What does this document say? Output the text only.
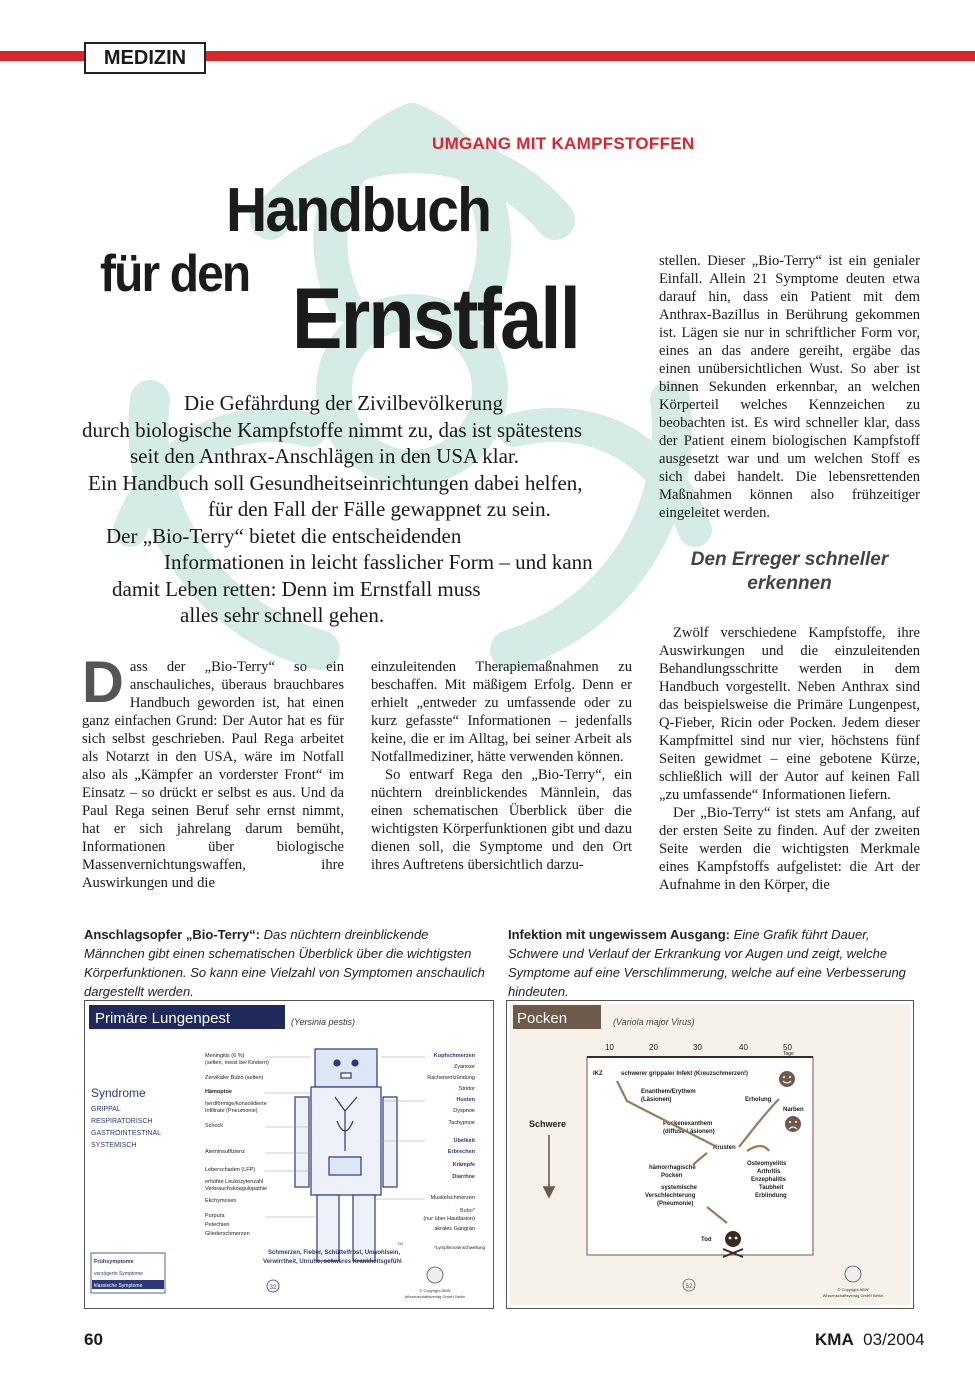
MEDIZIN
UMGANG MIT KAMPFSTOFFEN
Handbuch
für den Ernstfall
Die Gefährdung der Zivilbevölkerung
durch biologische Kampfstoffe nimmt zu, das ist spätestens
seit den Anthrax-Anschlägen in den USA klar.
Ein Handbuch soll Gesundheitseinrichtungen dabei helfen,
für den Fall der Fälle gewappnet zu sein.
Der „Bio-Terry“ bietet die entscheidenden
Informationen in leicht fasslicher Form – und kann
damit Leben retten: Denn im Ernstfall muss
alles sehr schnell gehen.
D ass der „Bio-Terry“ so ein anschauliches, überaus brauchbares Handbuch geworden ist, hat einen ganz einfachen Grund: Der Autor hat es für sich selbst geschrieben. Paul Rega arbeitet als Notarzt in den USA, wäre im Notfall also als „Kämpfer an vorderster Front“ im Einsatz – so drückt er selbst es aus. Und da Paul Rega seinen Beruf sehr ernst nimmt, hat er sich jahrelang darum bemüht, Informationen über biologische Massenvernichtungswaffen, ihre Auswirkungen und die

einzuleitenden Therapiemaßnahmen zu beschaffen. Mit mäßigem Erfolg. Denn er erhielt „entweder zu umfassende oder zu kurz gefasste“ Informationen – jedenfalls keine, die er im Alltag, bei seiner Arbeit als Notfallmediziner, hätte verwenden können.

So entwarf Rega den „Bio-Terry“, ein nüchtern dreinblickendes Männlein, das einen schematischen Überblick über die wichtigsten Körperfunktionen gibt und dazu dienen soll, die Symptome und den Ort ihres Auftretens übersichtlich darzu-

stellen. Dieser „Bio-Terry“ ist ein genialer Einfall. Allein 21 Symptome deuten etwa darauf hin, dass ein Patient mit dem Anthrax-Bazillus in Berührung gekommen ist. Lägen sie nur in schriftlicher Form vor, eines an das andere gereiht, ergäbe das einen unübersichtlichen Wust. So aber ist binnen Sekunden erkennbar, an welchen Körperteil welches Kennzeichen zu beobachten ist. Es wird schneller klar, dass der Patient einem biologischen Kampfstoff ausgesetzt war und um welchen Stoff es sich dabei handelt. Die lebensrettenden Maßnahmen können also frühzeitiger eingeleitet werden.

Den Erreger schneller erkennen

Zwölf verschiedene Kampfstoffe, ihre Auswirkungen und die einzuleitenden Behandlungsschritte werden in dem Handbuch vorgestellt. Neben Anthrax sind das beispielsweise die Primäre Lungenpest, Q-Fieber, Ricin oder Pocken. Jedem dieser Kampfmittel sind nur vier, höchstens fünf Seiten gewidmet – eine gebotene Kürze, schließlich will der Autor auf keinen Fall „zu umfassende“ Informationen liefern.

Der „Bio-Terry“ ist stets am Anfang, auf der ersten Seite zu finden. Auf der zweiten Seite werden die wichtigsten Merkmale eines Kampfstoffs aufgelistet: die Art der Aufnahme in den Körper, die

Anschlagsopfer „Bio-Terry“: Das nüchtern dreinblickende Männchen gibt einen schematischen Überblick über die wichtigsten Körperfunktionen. So kann eine Vielzahl von Symptomen anschaulich dargestellt werden.
Infektion mit ungewissem Ausgang: Eine Grafik führt Dauer, Schwere und Verlauf der Erkrankung vor Augen und zeigt, welche Symptome auf eine Verschlimmerung, welche auf eine Verbesserung hindeuten.
Primäre Lungenpest	(Yersinia pestis)
Syndrome
GRIPPAL
RESPIRATORISCH
GASTROINTESTINAL
SYSTEMISCH
Meningitis (6 %)
(selten, meist bei Kindern)
Zervikaler Bubo (selten)
Hämoptoe
herdförmige/konsolidierte
Infiltrate (Pneumonie)
Schock
Ateminsuffizienz
Leberschaden (LFP)
erhöhte Leukozytenzahl
Verbrauchskoagulopathie
Ekchymosen
Purpura
Petechien
Gliederschmerzen
Kopfschmerzen
Zyanose
Rachenentzündung
Stridor
Husten
Dyspnoe
Tachypnoe
Übelkeit
Erbrechen
Krämpfe
Diarrhoe
Muskelschmerzen
Bubo*
(nur über Hautläsion)
akrales Gangrän
*Lymphknotenschwellung
TM
Frühsymptome
verzögerte Symptome
klassische Symptome
Schmerzen, Fieber, Schüttelfrost, Unwohlsein,
Verwirrtheit, Unruhe, schweres Krankheitsgefühl
32	© Copyright ABW
Wissenschaftsverlag GmbH Berlin
Pocken	(Variola major Virus)
10	20	30	40	50
Tage
Schwere
IKZ	schwerer grippaler Infekt (Kreuzschmerzen!)
Enanthem/Erythem
(Läsionen)	Erholung
Narben
Pockenexanthem
(diffuse Läsionen)
Krusten
hämorrhagische
Pocken
systemische
Verschlechterung
(Pneumonie)
Osteomyelitis
Arthritis
Enzephalitis
Taubheit
Erblindung
Tod
52	© Copyright ABW
Wissenschaftsverlag GmbH Berlin
60	KMA 03/2004
